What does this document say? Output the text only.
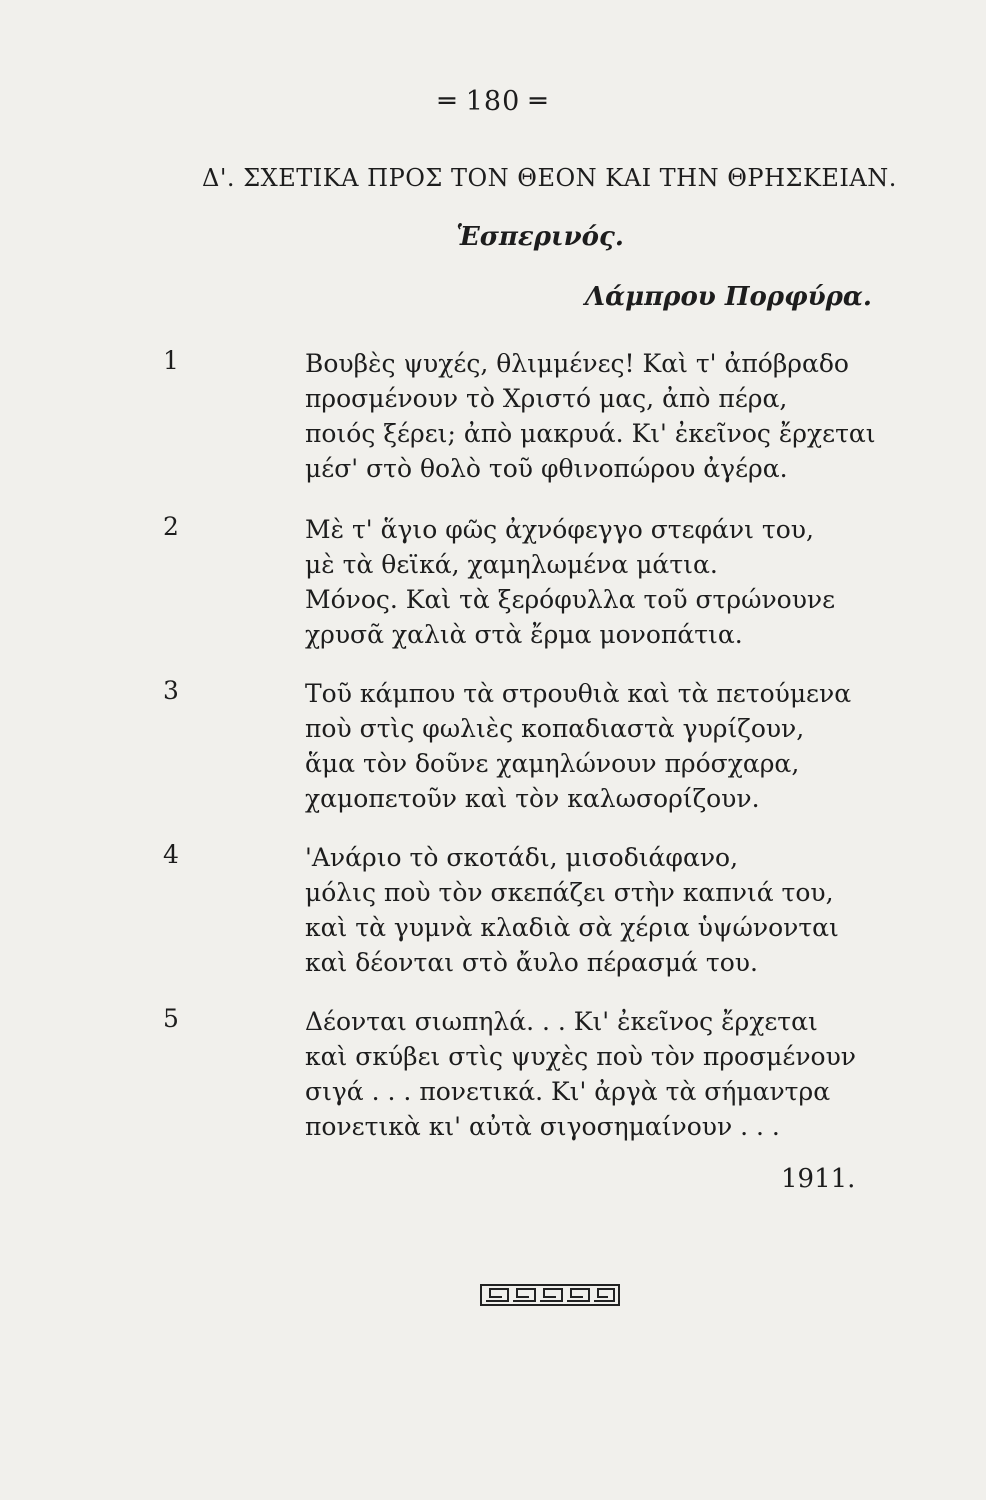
═ 180 ═
Δ'. ΣΧΕΤΙΚΑ ΠΡΟΣ ΤΟΝ ΘΕΟΝ ΚΑΙ ΤΗΝ ΘΡΗΣΚΕΙΑΝ.
Ἑσπερινός.
Λάμπρου Πορφύρα.
1	Βουβὲς ψυχές, θλιμμένες! Καὶ τ' ἀπόβραδο
προσμένουν τὸ Χριστό μας, ἀπὸ πέρα,
ποιός ξέρει; ἀπὸ μακρυά. Κι' ἐκεῖνος ἔρχεται
μέσ' στὸ θολὸ τοῦ φθινοπώρου ἀγέρα.
2	Μὲ τ' ἅγιο φῶς ἀχνόφεγγο στεφάνι του,
μὲ τὰ θεϊκά, χαμηλωμένα μάτια.
Μόνος. Καὶ τὰ ξερόφυλλα τοῦ στρώνουνε
χρυσᾶ χαλιὰ στὰ ἔρμα μονοπάτια.
3	Τοῦ κάμπου τὰ στρουθιὰ καὶ τὰ πετούμενα
ποὺ στὶς φωλιὲς κοπαδιαστὰ γυρίζουν,
ἅμα τὸν δοῦνε χαμηλώνουν πρόσχαρα,
χαμοπετοῦν καὶ τὸν καλωσορίζουν.
4	'Ανάριο τὸ σκοτάδι, μισοδιάφανο,
μόλις ποὺ τὸν σκεπάζει στὴν καπνιά του,
καὶ τὰ γυμνὰ κλαδιὰ σὰ χέρια ὑψώνονται
καὶ δέονται στὸ ἄυλο πέρασμά του.
5	Δέονται σιωπηλά. . . Κι' ἐκεῖνος ἔρχεται
καὶ σκύβει στὶς ψυχὲς ποὺ τὸν προσμένουν
σιγά . . . πονετικά. Κι' ἀργὰ τὰ σήμαντρα
πονετικὰ κι' αὐτὰ σιγοσημαίνουν . . .
1911.
